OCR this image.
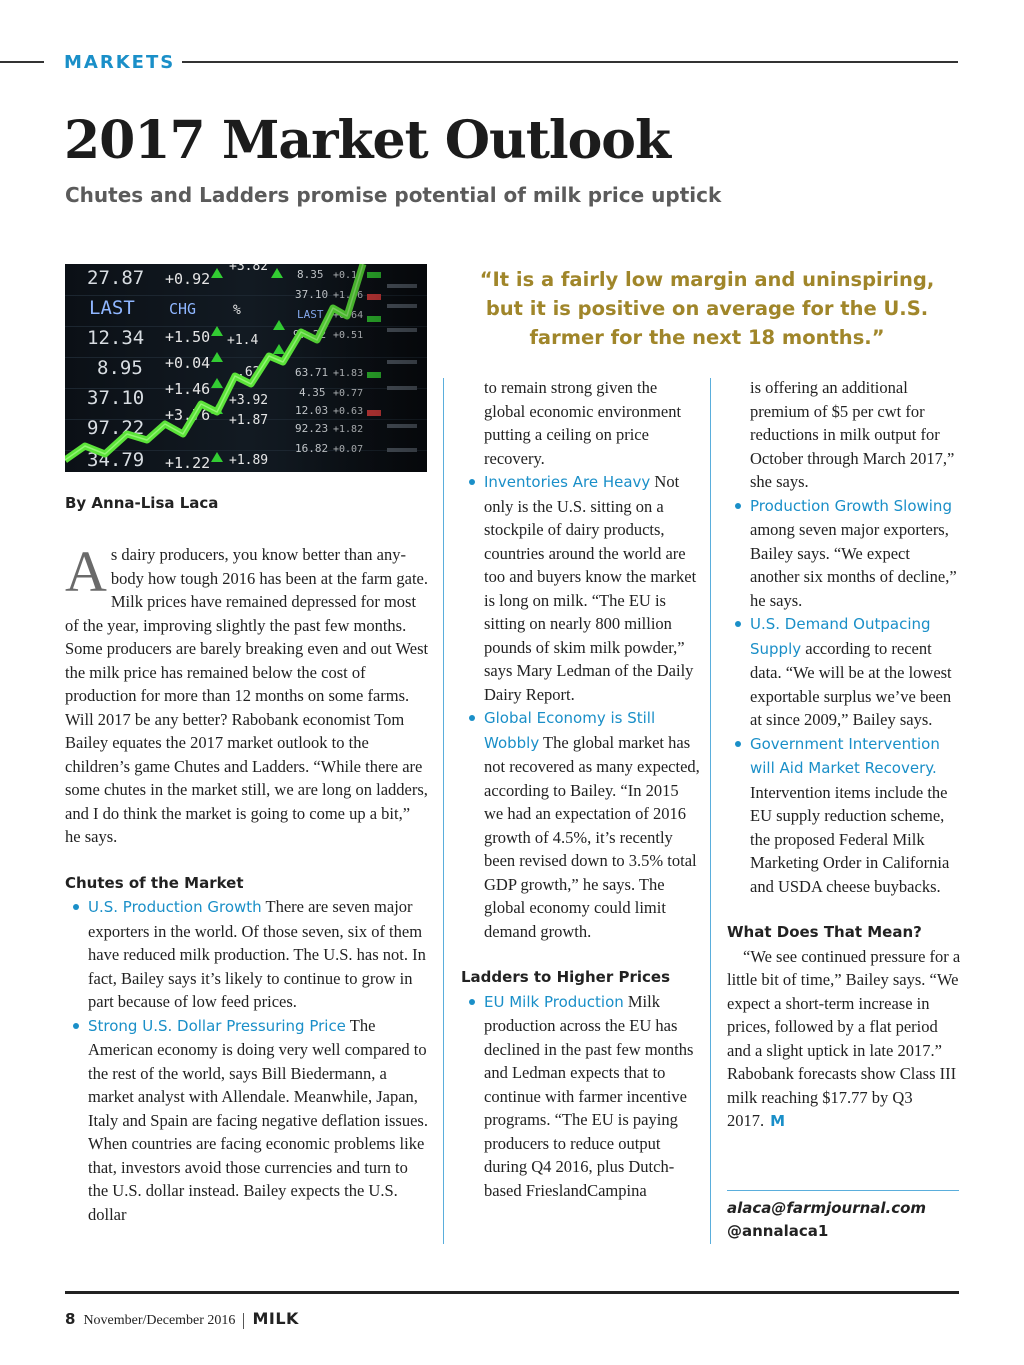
MARKETS
2017 Market Outlook
Chutes and Ladders promise potential of milk price uptick
“It is a fairly low margin and uninspiring, but it is positive on average for the U.S. farmer for the next 18 months.”
By Anna-Lisa Laca

As dairy producers, you know better than anybody how tough 2016 has been at the farm gate. Milk prices have remained depressed for most of the year, improving slightly the past few months. Some producers are barely breaking even and out West the milk price has remained below the cost of production for more than 12 months on some farms. Will 2017 be any better? Rabobank economist Tom Bailey equates the 2017 market outlook to the children’s game Chutes and Ladders. “While there are some chutes in the market still, we are long on ladders, and I do think the market is going to come up a bit,” he says.

Chutes of the Market

U.S. Production Growth There are seven major exporters in the world. Of those seven, six of them have reduced milk production. The U.S. has not. In fact, Bailey says it’s likely to continue to grow in part because of low feed prices.

Strong U.S. Dollar Pressuring Price The American economy is doing very well compared to the rest of the world, says Bill Biedermann, a market analyst with Allendale. Meanwhile, Japan, Italy and Spain are facing negative deflation issues. When countries are facing economic problems like that, investors avoid those currencies and turn to the U.S. dollar instead. Bailey expects the U.S. dollar

to remain strong given the global economic environment putting a ceiling on price recovery.

Inventories Are Heavy Not only is the U.S. sitting on a stockpile of dairy products, countries around the world are too and buyers know the market is long on milk. “The EU is sitting on nearly 800 million pounds of skim milk powder,” says Mary Ledman of the Daily Dairy Report.

Global Economy is Still Wobbly The global market has not recovered as many expected, according to Bailey. “In 2015 we had an expectation of 2016 growth of 4.5%, it’s recently been revised down to 3.5% total GDP growth,” he says. The global economy could limit demand growth.

Ladders to Higher Prices

EU Milk Production Milk production across the EU has declined in the past few months and Ledman expects that to continue with farmer incentive programs. “The EU is paying producers to reduce output during Q4 2016, plus Dutch-based FrieslandCampina

is offering an additional premium of $5 per cwt for reductions in milk output for October through March 2017,” she says.

Production Growth Slowing among seven major exporters, Bailey says. “We expect another six months of decline,” he says.

U.S. Demand Outpacing Supply according to recent data. “We will be at the lowest exportable surplus we’ve been at since 2009,” Bailey says.

Government Intervention will Aid Market Recovery. Intervention items include the EU supply reduction scheme, the proposed Federal Milk Marketing Order in California and USDA cheese buybacks.

What Does That Mean?

“We see continued pressure for a little bit of time,” Bailey says. “We expect a short-term increase in prices, followed by a flat period and a slight uptick in late 2017.” Rabobank forecasts show Class III milk reaching $17.77 by Q3 2017. M

alaca@farmjournal.com
@annalaca1
8 November/December 2016 MILK
